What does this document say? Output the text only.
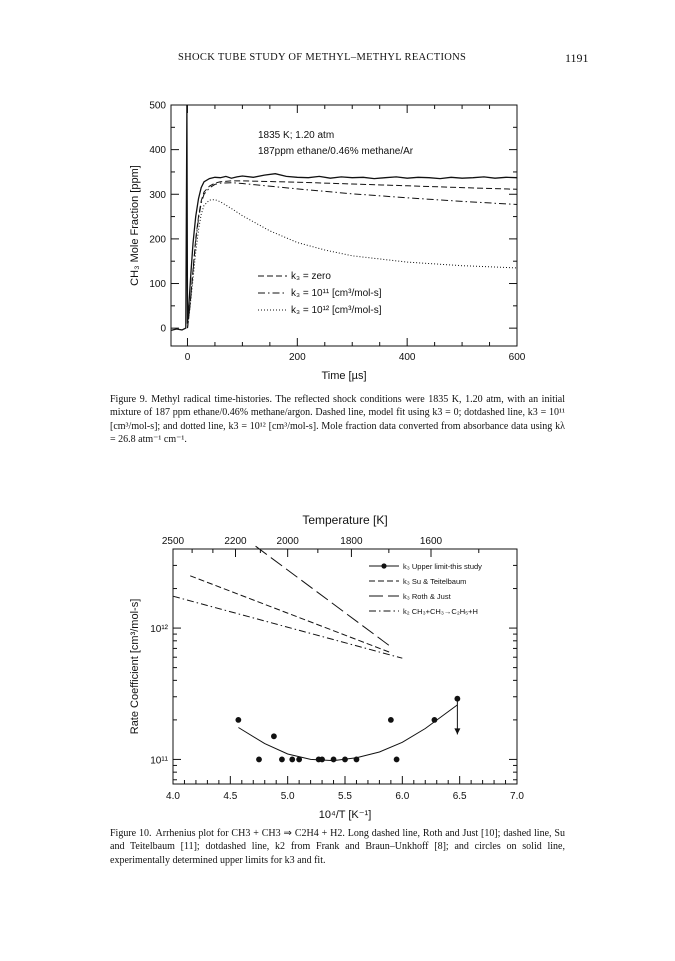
SHOCK TUBE STUDY OF METHYL–METHYL REACTIONS	1191
0	200	400	600
0
100
200
300
400
500
Time [µs]
CH₃ Mole Fraction [ppm]
1835 K; 1.20 atm
187ppm ethane/0.46% methane/Ar
k₃ = zero
k₃ = 10¹¹ [cm³/mol-s]
k₃ = 10¹² [cm³/mol-s]
Figure 9. Methyl radical time-histories. The reflected shock conditions were 1835 K, 1.20 atm, with an initial mixture of 187 ppm ethane/0.46% methane/argon. Dashed line, model fit using k3 = 0; dotdashed line, k3 = 10¹¹ [cm³/mol-s]; and dotted line, k3 = 10¹² [cm³/mol-s]. Mole fraction data converted from absorbance data using kλ = 26.8 atm⁻¹ cm⁻¹.
4.0	4.5	5.0	5.5	6.0	6.5	7.0
10⁴/T [K⁻¹]
2500	2200	2000	1800	1600
Temperature [K]
10¹¹
10¹²
Rate Coefficient [cm³/mol-s]
k₃ Upper limit-this study
k₃ Su & Teitelbaum
k₃ Roth & Just
k₂ CH₃+CH₃→C₂H₅+H
Figure 10. Arrhenius plot for CH3 + CH3 ⇒ C2H4 + H2. Long dashed line, Roth and Just [10]; dashed line, Su and Teitelbaum [11]; dotdashed line, k2 from Frank and Braun–Unkhoff [8]; and circles on solid line, experimentally determined upper limits for k3 and fit.
